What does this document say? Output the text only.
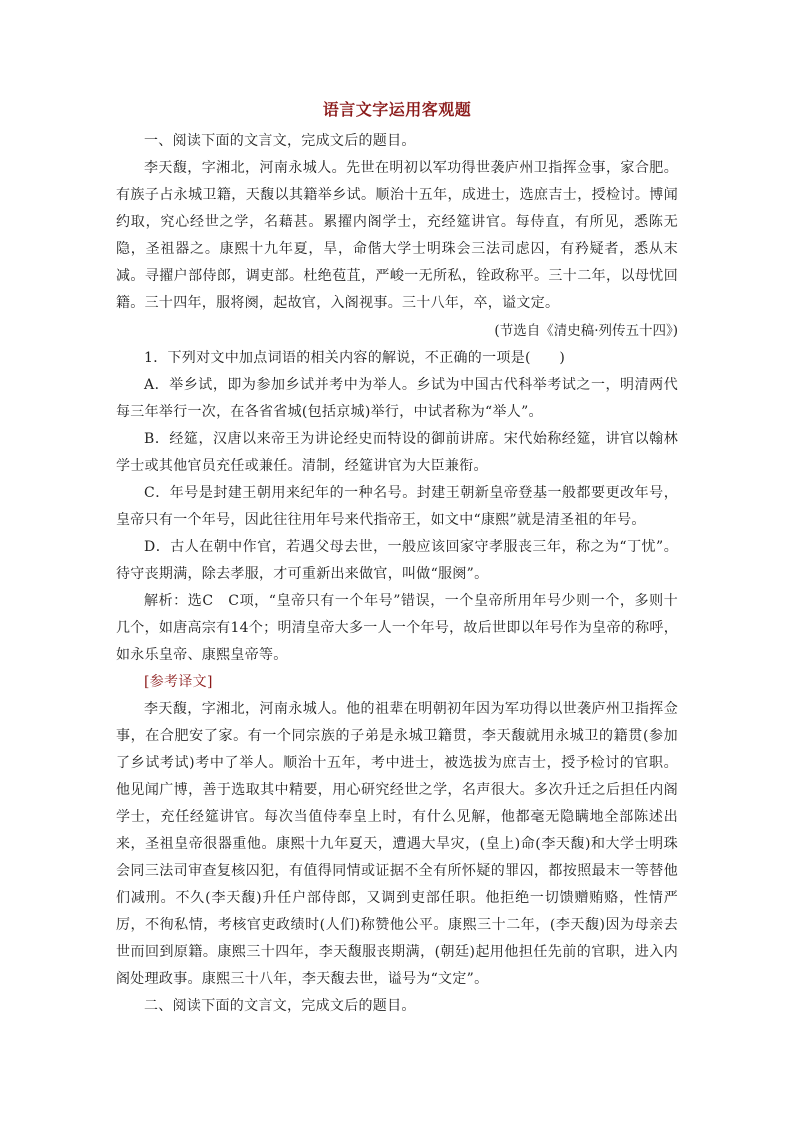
语言文字运用客观题

一、阅读下面的文言文，完成文后的题目。

李天馥，字湘北，河南永城人。先世在明初以军功得世袭庐州卫指挥佥事，家合肥。有族子占永城卫籍，天馥以其籍举乡试。顺治十五年，成进士，选庶吉士，授检讨。博闻约取，究心经世之学，名藉甚。累擢内阁学士，充经筵讲官。每侍直，有所见，悉陈无隐，圣祖器之。康熙十九年夏，旱，命偕大学士明珠会三法司虑囚，有矜疑者，悉从末减。寻擢户部侍郎，调吏部。杜绝苞苴，严峻一无所私，铨政称平。三十二年，以母忧回籍。三十四年，服将阕，起故官，入阁视事。三十八年，卒，谥文定。

(节选自《清史稿·列传五十四》)

1．下列对文中加点词语的相关内容的解说，不正确的一项是(　　)

A．举乡试，即为参加乡试并考中为举人。乡试为中国古代科举考试之一，明清两代每三年举行一次，在各省省城(包括京城)举行，中试者称为“举人”。

B．经筵，汉唐以来帝王为讲论经史而特设的御前讲席。宋代始称经筵，讲官以翰林学士或其他官员充任或兼任。清制，经筵讲官为大臣兼衔。

C．年号是封建王朝用来纪年的一种名号。封建王朝新皇帝登基一般都要更改年号，皇帝只有一个年号，因此往往用年号来代指帝王，如文中“康熙”就是清圣祖的年号。

D．古人在朝中作官，若遇父母去世，一般应该回家守孝服丧三年，称之为“丁忧”。待守丧期满，除去孝服，才可重新出来做官，叫做“服阕”。

解析：选C　C项，“皇帝只有一个年号”错误，一个皇帝所用年号少则一个，多则十几个，如唐高宗有14个；明清皇帝大多一人一个年号，故后世即以年号作为皇帝的称呼，如永乐皇帝、康熙皇帝等。

[参考译文]

李天馥，字湘北，河南永城人。他的祖辈在明朝初年因为军功得以世袭庐州卫指挥佥事，在合肥安了家。有一个同宗族的子弟是永城卫籍贯，李天馥就用永城卫的籍贯(参加了乡试考试)考中了举人。顺治十五年，考中进士，被选拔为庶吉士，授予检讨的官职。他见闻广博，善于选取其中精要，用心研究经世之学，名声很大。多次升迁之后担任内阁学士，充任经筵讲官。每次当值侍奉皇上时，有什么见解，他都毫无隐瞒地全部陈述出来，圣祖皇帝很器重他。康熙十九年夏天，遭遇大旱灾，(皇上)命(李天馥)和大学士明珠会同三法司审查复核囚犯，有值得同情或证据不全有所怀疑的罪囚，都按照最末一等替他们减刑。不久(李天馥)升任户部侍郎，又调到吏部任职。他拒绝一切馈赠贿赂，性情严厉，不徇私情，考核官吏政绩时(人们)称赞他公平。康熙三十二年，(李天馥)因为母亲去世而回到原籍。康熙三十四年，李天馥服丧期满，(朝廷)起用他担任先前的官职，进入内阁处理政事。康熙三十八年，李天馥去世，谥号为“文定”。

二、阅读下面的文言文，完成文后的题目。
